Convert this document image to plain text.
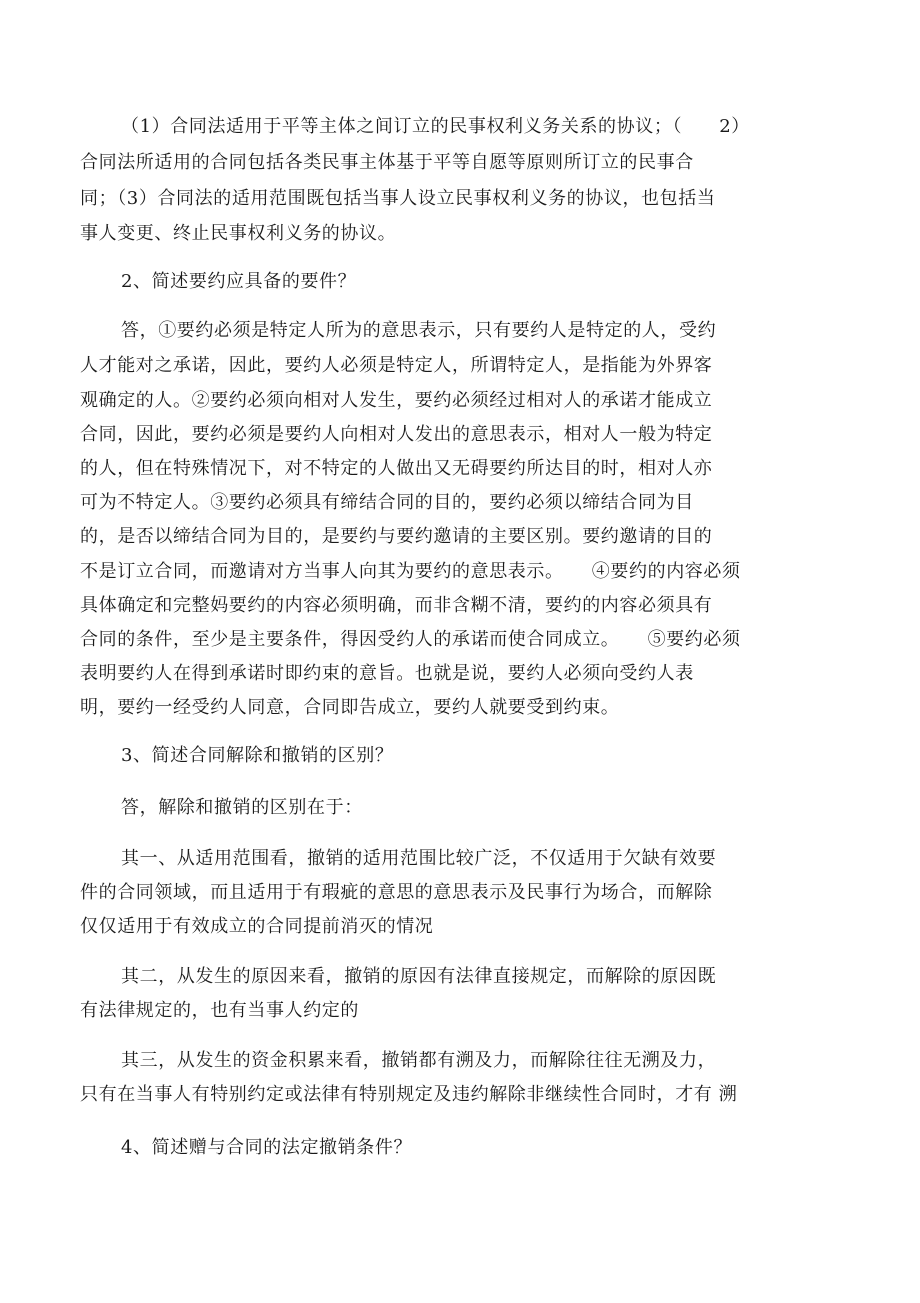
（1）合同法适用于平等主体之间订立的民事权利义务关系的协议；（　　2）
合同法所适用的合同包括各类民事主体基于平等自愿等原则所订立的民事合
同；（3）合同法的适用范围既包括当事人设立民事权利义务的协议，也包括当
事人变更、终止民事权利义务的协议。
2、简述要约应具备的要件？
答，①要约必须是特定人所为的意思表示，只有要约人是特定的人，受约
人才能对之承诺，因此，要约人必须是特定人，所谓特定人，是指能为外界客
观确定的人。②要约必须向相对人发生，要约必须经过相对人的承诺才能成立
合同，因此，要约必须是要约人向相对人发出的意思表示，相对人一般为特定
的人，但在特殊情况下，对不特定的人做出又无碍要约所达目的时，相对人亦
可为不特定人。③要约必须具有缔结合同的目的，要约必须以缔结合同为目
的，是否以缔结合同为目的，是要约与要约邀请的主要区别。要约邀请的目的
不是订立合同，而邀请对方当事人向其为要约的意思表示。　　④要约的内容必须
具体确定和完整妈要约的内容必须明确，而非含糊不清，要约的内容必须具有
合同的条件，至少是主要条件，得因受约人的承诺而使合同成立。　　⑤要约必须
表明要约人在得到承诺时即约束的意旨。也就是说，要约人必须向受约人表
明，要约一经受约人同意，合同即告成立，要约人就要受到约束。
3、简述合同解除和撤销的区别？
答，解除和撤销的区别在于：
其一、从适用范围看，撤销的适用范围比较广泛，不仅适用于欠缺有效要
件的合同领域，而且适用于有瑕疵的意思的意思表示及民事行为场合，而解除
仅仅适用于有效成立的合同提前消灭的情况
其二，从发生的原因来看，撤销的原因有法律直接规定，而解除的原因既
有法律规定的，也有当事人约定的
其三，从发生的资金积累来看，撤销都有溯及力，而解除往往无溯及力，
只有在当事人有特别约定或法律有特别规定及违约解除非继续性合同时，才有 溯
4、简述赠与合同的法定撤销条件？
